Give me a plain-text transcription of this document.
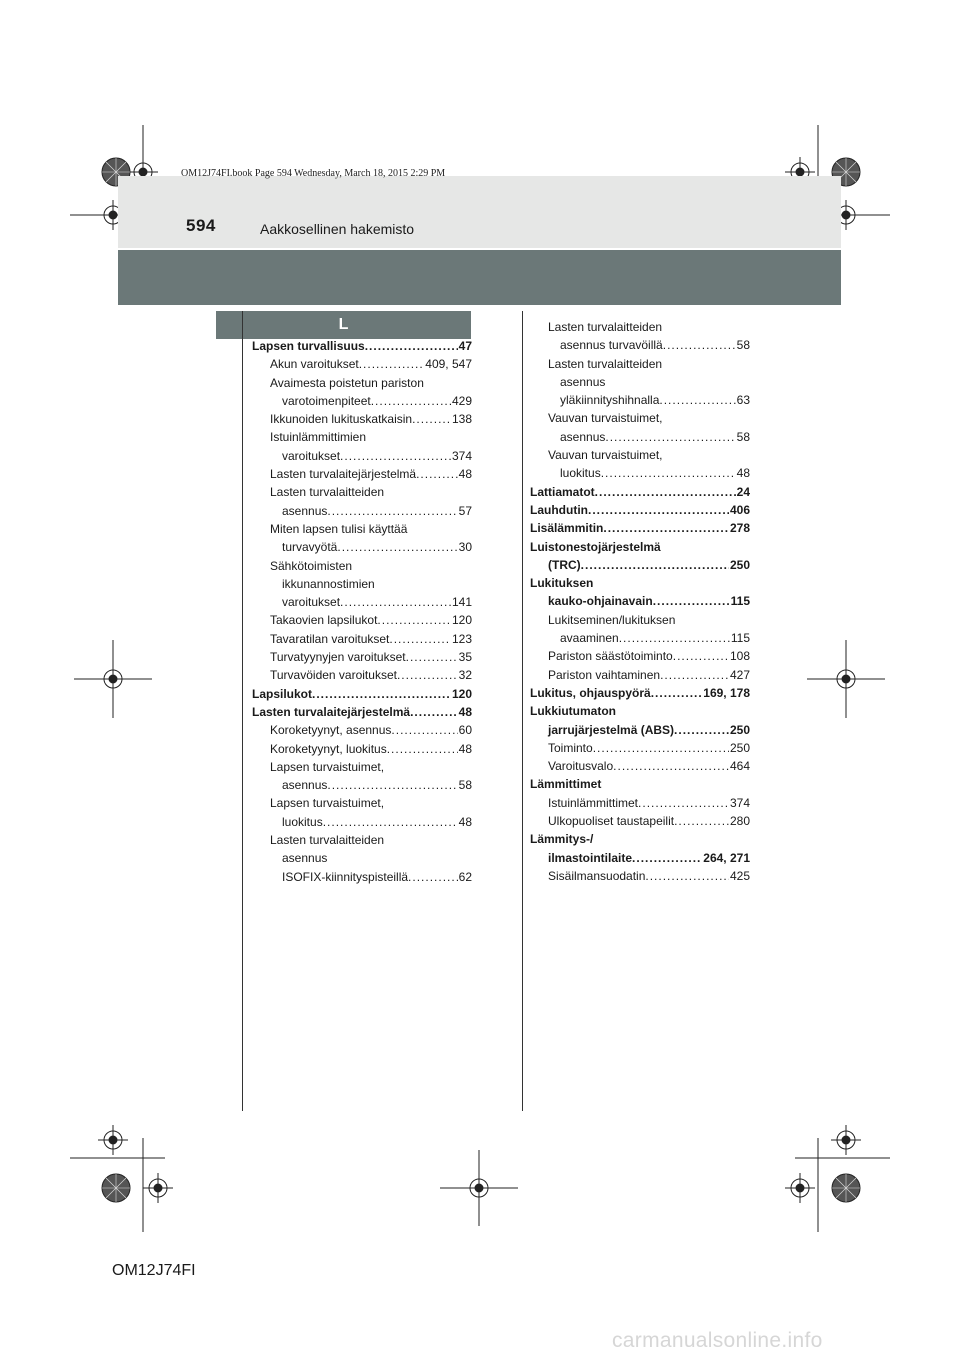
OM12J74FI.book Page 594 Wednesday, March 18, 2015 2:29 PM
594	Aakkosellinen hakemisto
L
Lapsen turvallisuus .....	47
Akun varoitukset .....	409, 547
Avaimesta poistetun pariston
varotoimenpiteet .....	429
Ikkunoiden lukituskatkaisin .....	138
Istuinlämmittimien
varoitukset .....	374
Lasten turvalaitejärjestelmä .....	48
Lasten turvalaitteiden
asennus .....	57
Miten lapsen tulisi käyttää
turvavyötä .....	30
Sähkötoimisten
ikkunannostimien
varoitukset .....	141
Takaovien lapsilukot .....	120
Tavaratilan varoitukset .....	123
Turvatyynyjen varoitukset .....	35
Turvavöiden varoitukset .....	32
Lapsilukot .....	120
Lasten turvalaitejärjestelmä .....	48
Koroketyynyt, asennus .....	60
Koroketyynyt, luokitus .....	48
Lapsen turvaistuimet,
asennus .....	58
Lapsen turvaistuimet,
luokitus .....	48
Lasten turvalaitteiden
asennus
ISOFIX-kiinnityspisteillä .....	62
Lasten turvalaitteiden
asennus turvavöillä .....	58
Lasten turvalaitteiden
asennus
yläkiinnityshihnalla .....	63
Vauvan turvaistuimet,
asennus .....	58
Vauvan turvaistuimet,
luokitus .....	48
Lattiamatot .....	24
Lauhdutin .....	406
Lisälämmitin .....	278
Luistonestojärjestelmä
(TRC) .....	250
Lukituksen
kauko-ohjainavain .....	115
Lukitseminen/lukituksen
avaaminen .....	115
Pariston säästötoiminto .....	108
Pariston vaihtaminen .....	427
Lukitus, ohjauspyörä .....	169, 178
Lukkiutumaton
jarrujärjestelmä (ABS) .....	250
Toiminto .....	250
Varoitusvalo .....	464
Lämmittimet
Istuinlämmittimet .....	374
Ulkopuoliset taustapeilit .....	280
Lämmitys-/
ilmastointilaite .....	264, 271
Sisäilmansuodatin .....	425
OM12J74FI
carmanualsonline.info
